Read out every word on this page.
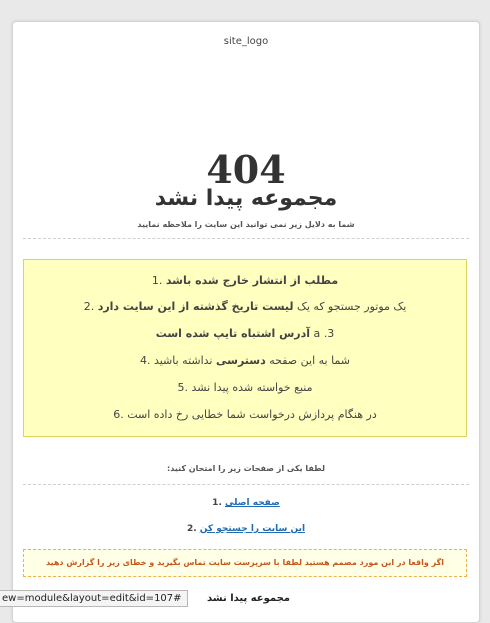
site_logo
404
مجموعه پیدا نشد
شما به دلایل زیر نمی توانید این سایت را ملاحظه نمایید
مطلب از انتشار خارج شده باشد .1
یک موتور جستجو که یک لیست تاریخ گذشته از این سایت دارد .2
آدرس اشتباه تایپ شده است a .3
شما به این صفحه دسترسی نداشته باشید .4
منبع خواسته شده پیدا نشد .5
در هنگام پردازش درخواست شما خطایی رخ داده است .6
لطفا یکی از صفحات زیر را امتحان کنید:
صفحه اصلی .1
این سایت را جستجو کن .2
اگر واقعا در این مورد مصمم هستید لطفا با سرپرست سایت تماس بگیرید و خطای زیر را گزارش دهید
مجموعه پیدا نشد
ew=module&layout=edit&id=107#
